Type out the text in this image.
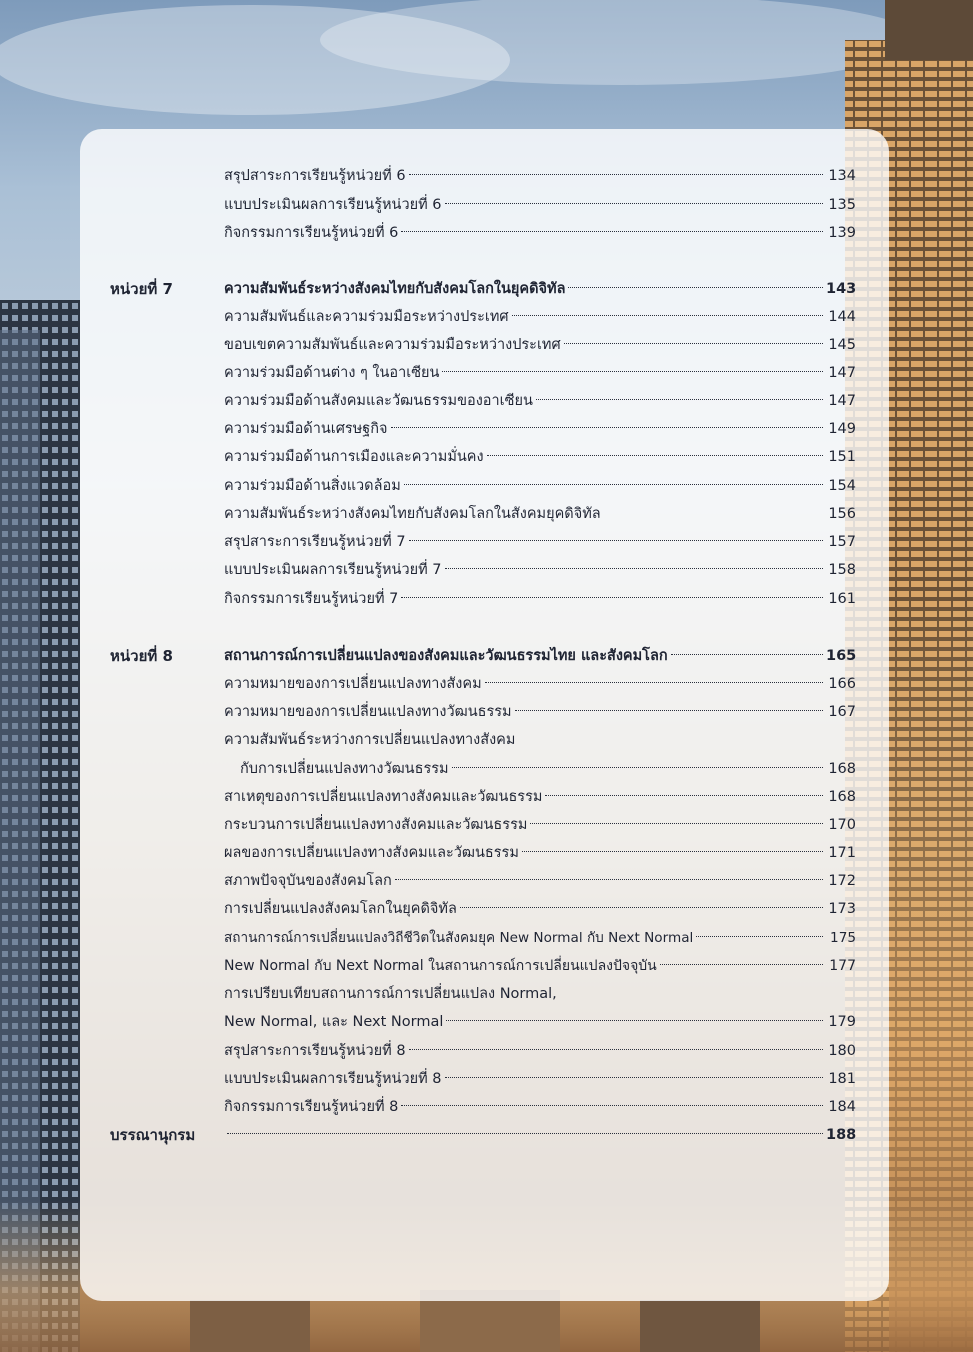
สรุปสาระการเรียนรู้หน่วยที่ 6	134
แบบประเมินผลการเรียนรู้หน่วยที่ 6	135
กิจกรรมการเรียนรู้หน่วยที่ 6	139
หน่วยที่ 7	ความสัมพันธ์ระหว่างสังคมไทยกับสังคมโลกในยุคดิจิทัล	143
ความสัมพันธ์และความร่วมมือระหว่างประเทศ	144
ขอบเขตความสัมพันธ์และความร่วมมือระหว่างประเทศ	145
ความร่วมมือด้านต่าง ๆ ในอาเซียน	147
ความร่วมมือด้านสังคมและวัฒนธรรมของอาเซียน	147
ความร่วมมือด้านเศรษฐกิจ	149
ความร่วมมือด้านการเมืองและความมั่นคง	151
ความร่วมมือด้านสิ่งแวดล้อม	154
ความสัมพันธ์ระหว่างสังคมไทยกับสังคมโลกในสังคมยุคดิจิทัล	156
สรุปสาระการเรียนรู้หน่วยที่ 7	157
แบบประเมินผลการเรียนรู้หน่วยที่ 7	158
กิจกรรมการเรียนรู้หน่วยที่ 7	161
หน่วยที่ 8	สถานการณ์การเปลี่ยนแปลงของสังคมและวัฒนธรรมไทย และสังคมโลก	165
ความหมายของการเปลี่ยนแปลงทางสังคม	166
ความหมายของการเปลี่ยนแปลงทางวัฒนธรรม	167
ความสัมพันธ์ระหว่างการเปลี่ยนแปลงทางสังคม
กับการเปลี่ยนแปลงทางวัฒนธรรม	168
สาเหตุของการเปลี่ยนแปลงทางสังคมและวัฒนธรรม	168
กระบวนการเปลี่ยนแปลงทางสังคมและวัฒนธรรม	170
ผลของการเปลี่ยนแปลงทางสังคมและวัฒนธรรม	171
สภาพปัจจุบันของสังคมโลก	172
การเปลี่ยนแปลงสังคมโลกในยุคดิจิทัล	173
สถานการณ์การเปลี่ยนแปลงวิถีชีวิตในสังคมยุค New Normal กับ Next Normal	175
New Normal กับ Next Normal ในสถานการณ์การเปลี่ยนแปลงปัจจุบัน	177
การเปรียบเทียบสถานการณ์การเปลี่ยนแปลง Normal,
New Normal, และ Next Normal	179
สรุปสาระการเรียนรู้หน่วยที่ 8	180
แบบประเมินผลการเรียนรู้หน่วยที่ 8	181
กิจกรรมการเรียนรู้หน่วยที่ 8	184
บรรณานุกรม	188
